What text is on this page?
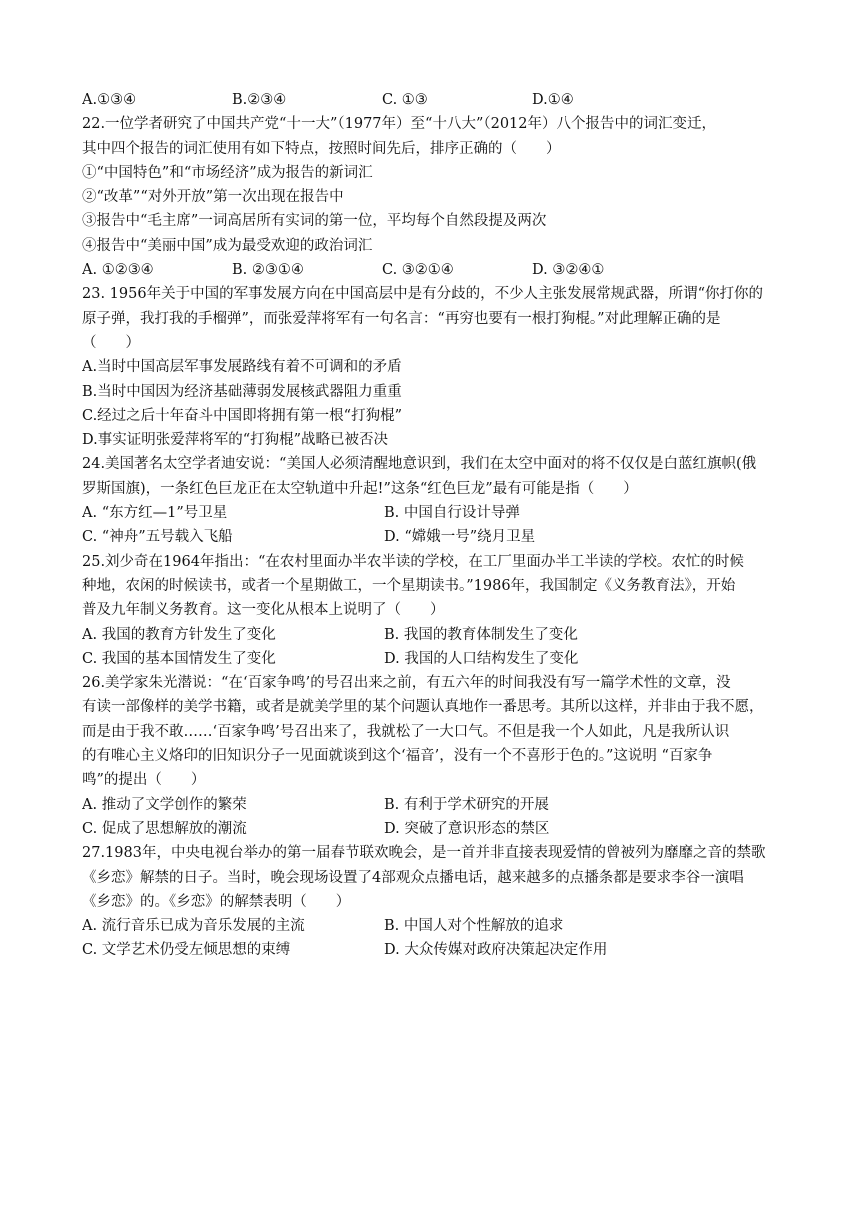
A.①③④	B.②③④	C. ①③	D.①④
22.一位学者研究了中国共产党“十一大”（1977年）至“十八大”（2012年）八个报告中的词汇变迁，
其中四个报告的词汇使用有如下特点，按照时间先后，排序正确的（　　）
①“中国特色”和“市场经济”成为报告的新词汇
②“改革”“对外开放”第一次出现在报告中
③报告中“毛主席”一词高居所有实词的第一位，平均每个自然段提及两次
④报告中“美丽中国”成为最受欢迎的政治词汇
A. ①②③④	B. ②③①④	C. ③②①④	D. ③②④①
23. 1956年关于中国的军事发展方向在中国高层中是有分歧的，不少人主张发展常规武器，所谓“你打你的
原子弹，我打我的手榴弹”，而张爱萍将军有一句名言：“再穷也要有一根打狗棍。”对此理解正确的是
（　　）
A.当时中国高层军事发展路线有着不可调和的矛盾
B.当时中国因为经济基础薄弱发展核武器阻力重重
C.经过之后十年奋斗中国即将拥有第一根“打狗棍”
D.事实证明张爱萍将军的“打狗棍”战略已被否决
24.美国著名太空学者迪安说：“美国人必须清醒地意识到，我们在太空中面对的将不仅仅是白蓝红旗帜(俄
罗斯国旗)，一条红色巨龙正在太空轨道中升起!”这条“红色巨龙”最有可能是指（　　）
A. “东方红—1”号卫星	B. 中国自行设计导弹
C. “神舟”五号载入飞船	D. “嫦娥一号”绕月卫星
25.刘少奇在1964年指出：“在农村里面办半农半读的学校，在工厂里面办半工半读的学校。农忙的时候
种地，农闲的时候读书，或者一个星期做工，一个星期读书。”1986年，我国制定《义务教育法》，开始
普及九年制义务教育。这一变化从根本上说明了（　　）
A. 我国的教育方针发生了变化	B. 我国的教育体制发生了变化
C. 我国的基本国情发生了变化	D. 我国的人口结构发生了变化
26.美学家朱光潜说：“在‘百家争鸣’的号召出来之前，有五六年的时间我没有写一篇学术性的文章，没
有读一部像样的美学书籍，或者是就美学里的某个问题认真地作一番思考。其所以这样，并非由于我不愿，
而是由于我不敢……‘百家争鸣’号召出来了，我就松了一大口气。不但是我一个人如此，凡是我所认识
的有唯心主义烙印的旧知识分子一见面就谈到这个‘福音’，没有一个不喜形于色的。”这说明 “百家争
鸣”的提出（　　）
A. 推动了文学创作的繁荣	B. 有利于学术研究的开展
C. 促成了思想解放的潮流	D. 突破了意识形态的禁区
27.1983年，中央电视台举办的第一届春节联欢晚会，是一首并非直接表现爱情的曾被列为靡靡之音的禁歌
《乡恋》解禁的日子。当时，晚会现场设置了4部观众点播电话，越来越多的点播条都是要求李谷一演唱
《乡恋》的。《乡恋》的解禁表明（　　）
A. 流行音乐已成为音乐发展的主流	B. 中国人对个性解放的追求
C. 文学艺术仍受左倾思想的束缚	D. 大众传媒对政府决策起决定作用
